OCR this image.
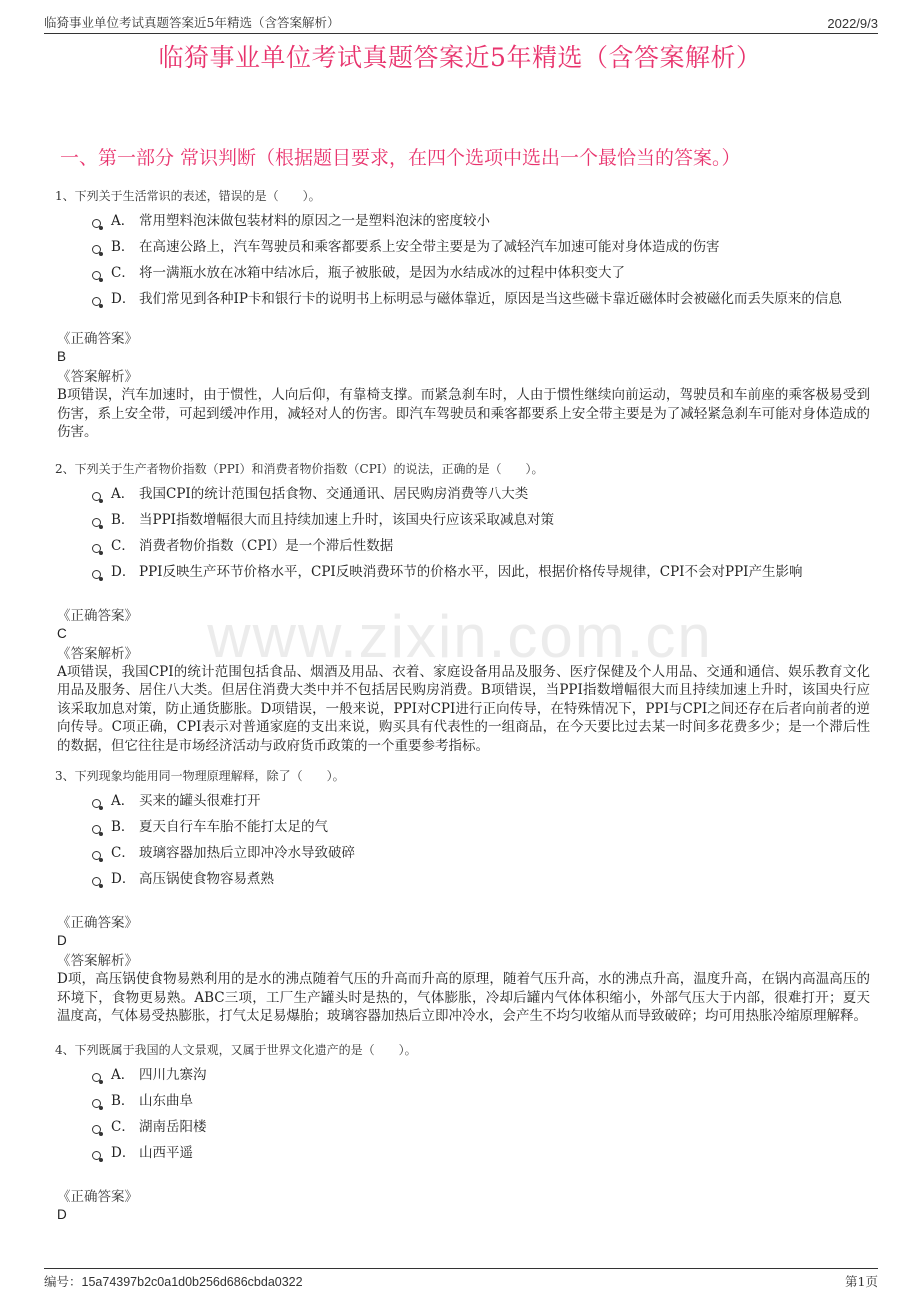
临猗事业单位考试真题答案近5年精选（含答案解析）	2022/9/3
临猗事业单位考试真题答案近5年精选（含答案解析）
一、第一部分 常识判断（根据题目要求，在四个选项中选出一个最恰当的答案。）
www.zixin.com.cn
1、下列关于生活常识的表述，错误的是（　　）。
A． 常用塑料泡沫做包装材料的原因之一是塑料泡沫的密度较小
B． 在高速公路上，汽车驾驶员和乘客都要系上安全带主要是为了减轻汽车加速可能对身体造成的伤害
C． 将一满瓶水放在冰箱中结冰后，瓶子被胀破，是因为水结成冰的过程中体积变大了
D． 我们常见到各种IP卡和银行卡的说明书上标明忌与磁体靠近，原因是当这些磁卡靠近磁体时会被磁化而丢失原来的信息
《正确答案》
B
《答案解析》
B项错误，汽车加速时，由于惯性，人向后仰，有靠椅支撑。而紧急刹车时，人由于惯性继续向前运动，驾驶员和车前座的乘客极易受到伤害，系上安全带，可起到缓冲作用，减轻对人的伤害。即汽车驾驶员和乘客都要系上安全带主要是为了减轻紧急刹车可能对身体造成的伤害。
2、下列关于生产者物价指数（PPI）和消费者物价指数（CPI）的说法，正确的是（　　）。
A． 我国CPI的统计范围包括食物、交通通讯、居民购房消费等八大类
B． 当PPI指数增幅很大而且持续加速上升时，该国央行应该采取减息对策
C． 消费者物价指数（CPI）是一个滞后性数据
D． PPI反映生产环节价格水平，CPI反映消费环节的价格水平，因此，根据价格传导规律，CPI不会对PPI产生影响
《正确答案》
C
《答案解析》
A项错误，我国CPI的统计范围包括食品、烟酒及用品、衣着、家庭设备用品及服务、医疗保健及个人用品、交通和通信、娱乐教育文化用品及服务、居住八大类。但居住消费大类中并不包括居民购房消费。B项错误，当PPI指数增幅很大而且持续加速上升时，该国央行应该采取加息对策，防止通货膨胀。D项错误，一般来说，PPI对CPI进行正向传导，在特殊情况下，PPI与CPI之间还存在后者向前者的逆向传导。C项正确，CPI表示对普通家庭的支出来说，购买具有代表性的一组商品，在今天要比过去某一时间多花费多少；是一个滞后性的数据，但它往往是市场经济活动与政府货币政策的一个重要参考指标。
3、下列现象均能用同一物理原理解释，除了（　　）。
A． 买来的罐头很难打开
B． 夏天自行车车胎不能打太足的气
C． 玻璃容器加热后立即冲冷水导致破碎
D． 高压锅使食物容易煮熟
《正确答案》
D
《答案解析》
D项，高压锅使食物易熟利用的是水的沸点随着气压的升高而升高的原理，随着气压升高，水的沸点升高，温度升高，在锅内高温高压的环境下，食物更易熟。ABC三项，工厂生产罐头时是热的，气体膨胀，冷却后罐内气体体积缩小，外部气压大于内部，很难打开；夏天温度高，气体易受热膨胀，打气太足易爆胎；玻璃容器加热后立即冲冷水，会产生不均匀收缩从而导致破碎；均可用热胀冷缩原理解释。
4、下列既属于我国的人文景观，又属于世界文化遗产的是（　　）。
A． 四川九寨沟
B． 山东曲阜
C． 湖南岳阳楼
D． 山西平遥
《正确答案》
D
编号：15a74397b2c0a1d0b256d686cbda0322	第1页
